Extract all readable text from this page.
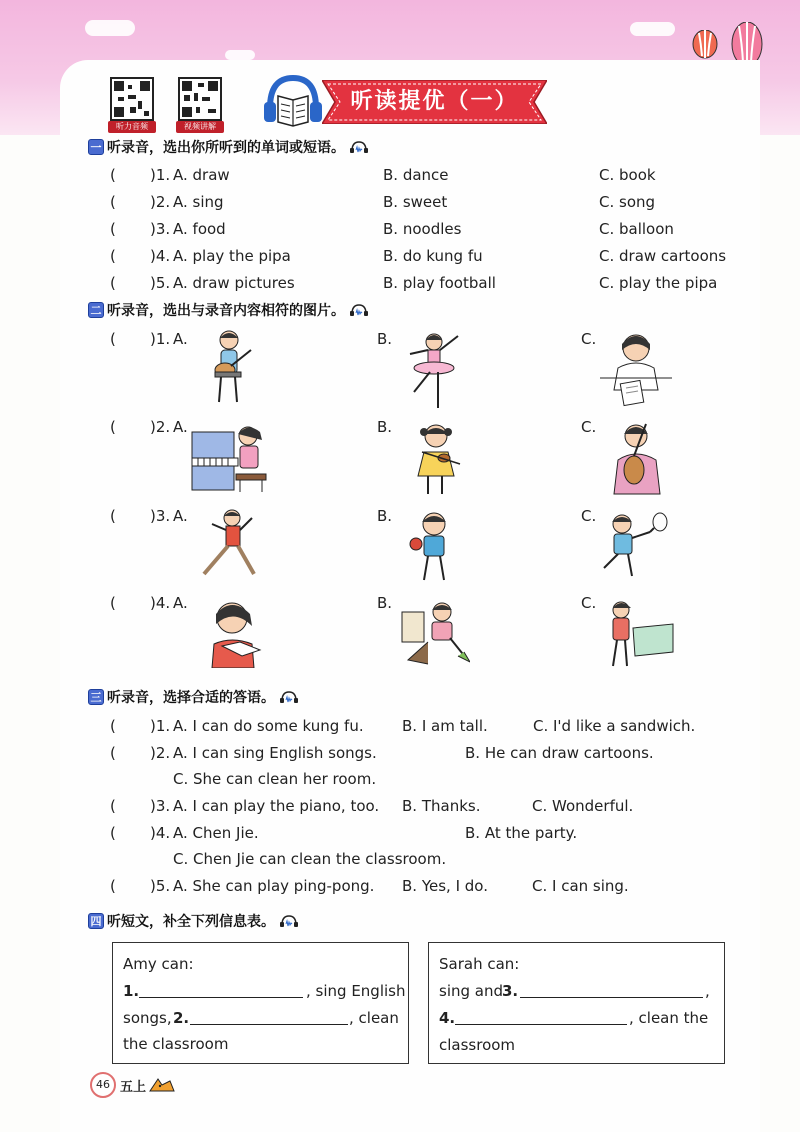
听力音频	视频讲解
听读提优（一）
一 听录音，选出你所听到的单词或短语。
( )1. A. draw	B. dance	C. book
( )2. A. sing	B. sweet	C. song
( )3. A. food	B. noodles	C. balloon
( )4. A. play the pipa	B. do kung fu	C. draw cartoons
( )5. A. draw pictures	B. play football	C. play the pipa
二 听录音，选出与录音内容相符的图片。
( )1. A.	B.	C.
( )2. A.	B.	C.
( )3. A.	B.	C.
( )4. A.	B.	C.
三 听录音，选择合适的答语。
( )1. A. I can do some kung fu.	B. I am tall.	C. I'd like a sandwich.
( )2. A. I can sing English songs.	B. He can draw cartoons.
C. She can clean her room.
( )3. A. I can play the piano, too. B. Thanks.	C. Wonderful.
( )4. A. Chen Jie.	B. At the party.
C. Chen Jie can clean the classroom.
( )5. A. She can play ping-pong. B. Yes, I do.	C. I can sing.
四 听短文，补全下列信息表。
Amy can:
1.	, sing English
songs, 2.	, clean
the classroom
Sarah can:
sing and 3.	,
4.	, clean the
classroom
46 五上
